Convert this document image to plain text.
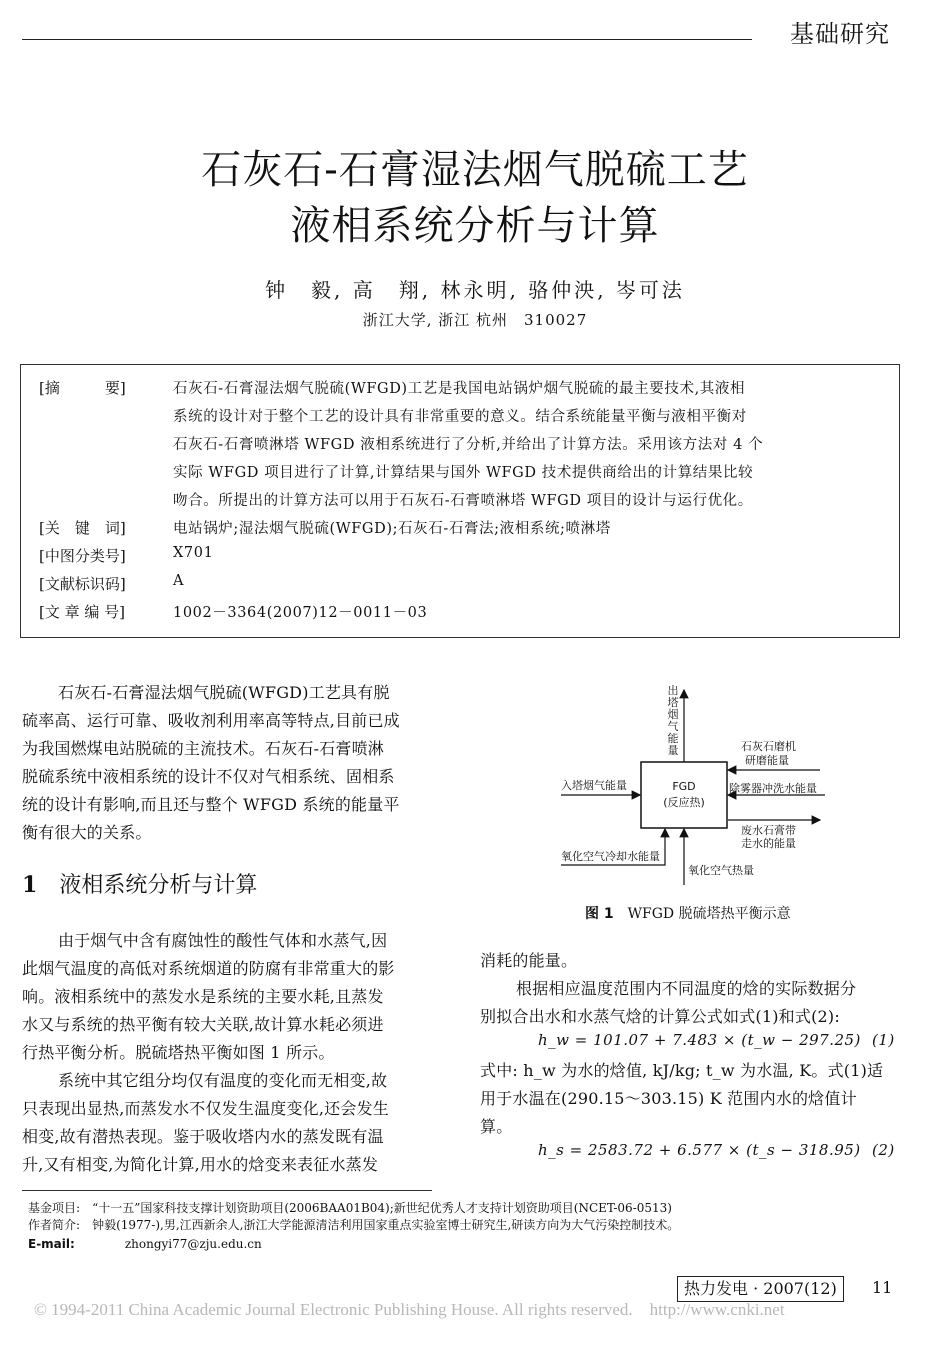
基础研究
石灰石-石膏湿法烟气脱硫工艺
液相系统分析与计算
钟　毅, 高　翔, 林永明, 骆仲泱, 岑可法
浙江大学, 浙江 杭州　310027
[摘　　　要]	石灰石-石膏湿法烟气脱硫(WFGD)工艺是我国电站锅炉烟气脱硫的最主要技术,其液相
系统的设计对于整个工艺的设计具有非常重要的意义。结合系统能量平衡与液相平衡对
石灰石-石膏喷淋塔 WFGD 液相系统进行了分析,并给出了计算方法。采用该方法对 4 个
实际 WFGD 项目进行了计算,计算结果与国外 WFGD 技术提供商给出的计算结果比较
吻合。所提出的计算方法可以用于石灰石-石膏喷淋塔 WFGD 项目的设计与运行优化。
[关　键　词]	电站锅炉;湿法烟气脱硫(WFGD);石灰石-石膏法;液相系统;喷淋塔
[中图分类号]	X701
[文献标识码]	A
[文 章 编 号]	1002－3364(2007)12－0011－03
石灰石-石膏湿法烟气脱硫(WFGD)工艺具有脱
硫率高、运行可靠、吸收剂利用率高等特点,目前已成
为我国燃煤电站脱硫的主流技术。石灰石-石膏喷淋
脱硫系统中液相系统的设计不仅对气相系统、固相系
统的设计有影响,而且还与整个 WFGD 系统的能量平
衡有很大的关系。
1 液相系统分析与计算
由于烟气中含有腐蚀性的酸性气体和水蒸气,因
此烟气温度的高低对系统烟道的防腐有非常重大的影
响。液相系统中的蒸发水是系统的主要水耗,且蒸发
水又与系统的热平衡有较大关联,故计算水耗必须进
行热平衡分析。脱硫塔热平衡如图 1 所示。
系统中其它组分均仅有温度的变化而无相变,故
只表现出显热,而蒸发水不仅发生温度变化,还会发生
相变,故有潜热表现。鉴于吸收塔内水的蒸发既有温
升,又有相变,为简化计算,用水的焓变来表征水蒸发
FGD
(反应热)
出
塔
烟
气
能
量
入塔烟气能量
石灰石磨机
研磨能量
除雾器冲洗水能量
废水石膏带
走水的能量
氧化空气冷却水能量
氧化空气热量
图 1　 WFGD 脱硫塔热平衡示意
消耗的能量。
根据相应温度范围内不同温度的焓的实际数据分
别拟合出水和水蒸气焓的计算公式如式(1)和式(2):
h_w = 101.07 + 7.483 × (t_w − 297.25) (1)
式中: h_w 为水的焓值, kJ/kg; t_w 为水温, K。式(1)适
用于水温在(290.15～303.15) K 范围内水的焓值计
算。
h_s = 2583.72 + 6.577 × (t_s − 318.95) (2)
基金项目:　 “十一五”国家科技支撑计划资助项目(2006BAA01B04);新世纪优秀人才支持计划资助项目(NCET-06-0513)
作者简介:　 钟毅(1977-),男,江西新余人,浙江大学能源清洁利用国家重点实验室博士研究生,研读方向为大气污染控制技术。
E-mail:	zhongyi77@zju.edu.cn
热力发电 · 2007(12)	11
© 1994-2011 China Academic Journal Electronic Publishing House. All rights reserved.　http://www.cnki.net
